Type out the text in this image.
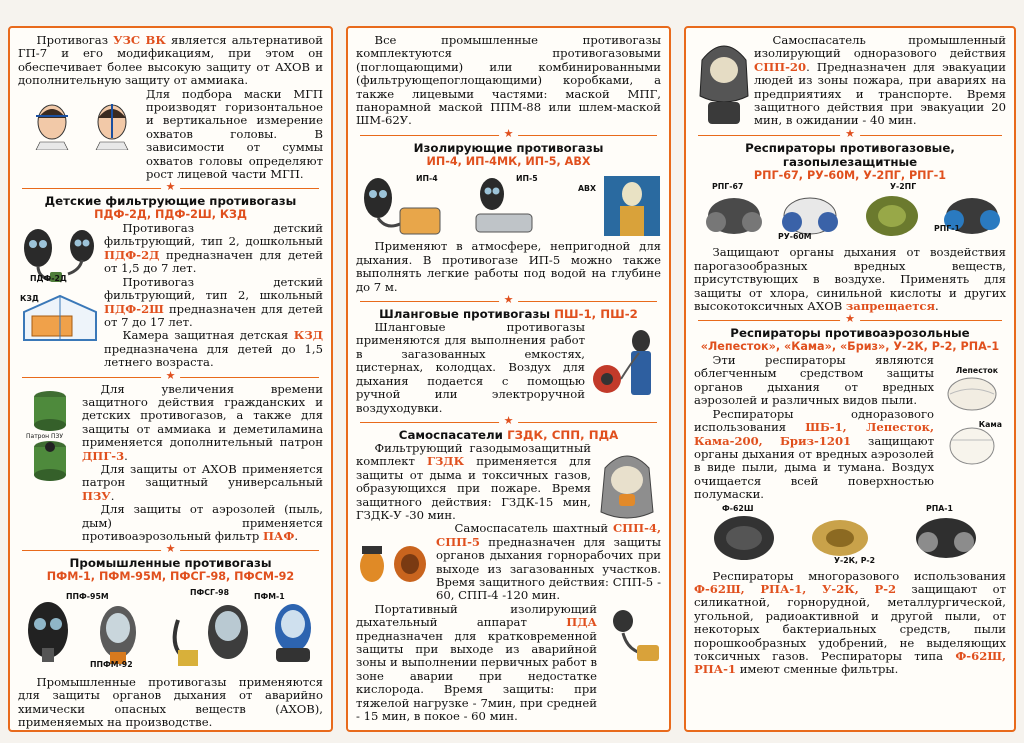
Противогаз УЗС ВК является альтернативой ГП-7 и его модификациям, при этом он обеспечивает более высокую защиту от АХОВ и дополнительную защиту от аммиака.

Для подбора маски МГП производят горизонтальное и вертикальное измерение охватов головы. В зависимости от суммы охватов головы определяют рост лицевой части МГП.

★
Детские фильтрующие противогазы
ПДФ-2Д, ПДФ-2Ш, КЗД
ПДФ-2Д
КЗД

Противогаз детский фильтрующий, тип 2, дошкольный ПДФ-2Д предназначен для детей от 1,5 до 7 лет.

Противогаз детский фильтрующий, тип 2, школьный ПДФ-2Ш предназначен для детей от 7 до 17 лет.

Камера защитная детская КЗД предназначена для детей до 1,5 летнего возраста.

★
Патрон ПЗУ

Для увеличения времени защитного действия гражданских и детских противогазов, а также для защиты от аммиака и деметиламина применяется дополнительный патрон ДПГ-3.

Для защиты от АХОВ применяется патрон защитный универсальный ПЗУ.

Для защиты от аэрозолей (пыль, дым) применяется противоаэрозольный фильтр ПАФ.

★
Промышленные противогазы
ПФМ-1, ПФМ-95М, ПФСГ-98, ПФСМ-92
ППФ-95М	ПФСГ-98	ПФМ-1
ППФМ-92

Промышленные противогазы применяются для защиты органов дыхания от аварийно химически опасных веществ (АХОВ), применяемых на производстве.

Все промышленные противогазы комплектуются противогазовыми (поглощающими) или комбинированными (фильтрующепоглощающими) коробками, а также лицевыми частями: маской МПГ, панорамной маской ППМ-88 или шлем-маской ШМ-62У.

★
Изолирующие противогазы
ИП-4, ИП-4МК, ИП-5, АВХ
ИП-4	ИП-5
АВХ

Применяют в атмосфере, непригодной для дыхания. В противогазе ИП-5 можно также выполнять легкие работы под водой на глубине до 7 м.

★
Шланговые противогазы ПШ-1, ПШ-2

Шланговые противогазы применяются для выполнения работ в загазованных емкостях, цистернах, колодцах. Воздух для дыхания подается с помощью ручной или электроручной воздуходувки.

★
Самоспасатели ГЗДК, СПП, ПДА

Фильтрующий газодымозащитный комплект ГЗДК применяется для защиты от дыма и токсичных газов, образующихся при пожаре. Время защитного действия: ГЗДК-15 мин, ГЗДК-У -30 мин.

Самоспасатель шахтный СПП-4, СПП-5 предназначен для защиты органов дыхания горнорабочих при выходе из загазованных участков. Время защитного действия: СПП-5 - 60, СПП-4 -120 мин.

Портативный изолирующий дыхательный аппарат	ПДА предназначен для кратковременной защиты при выходе из аварийной зоны и выполнении первичных работ в зоне аварии при недостатке кислорода. Время защиты: при тяжелой нагрузке - 7мин, при средней - 15 мин, в покое - 60 мин.

Самоспасатель промышленный изолирующий одноразового действия СПП-20. Предназначен для эвакуации людей из зоны пожара, при авариях на предприятиях и транспорте. Время защитного действия при эвакуации 20 мин, в ожидании - 40 мин.

★
Респираторы противогазовые, газопылезащитные
РПГ-67, РУ-60М, У-2ПГ, РПГ-1
РПГ-67
РУ-60М
У-2ПГ
РПГ-1

Защищают органы дыхания от воздействия парогазообразных вредных веществ, присутствующих в воздухе. Применять для защиты от хлора, синильной кислоты и других высокотоксичных АХОВ запрещается.

★
Респираторы противоаэрозольные
«Лепесток», «Кама», «Бриз», У-2К, Р-2, РПА-1
Лепесток
Кама

Эти респираторы являются облегченным средством защиты органов дыхания от вредных аэрозолей и различных видов пыли.

Респираторы одноразового использования ШБ-1, Лепесток, Кама-200, Бриз-1201 защищают органы дыхания от вредных аэрозолей в виде пыли, дыма и тумана. Воздух очищается всей поверхностью полумаски.

Ф-62Ш
У-2К, Р-2
РПА-1

Респираторы многоразового использования Ф-62Ш, РПА-1, У-2К, Р-2 защищают от силикатной, горнорудной, металлургической, угольной, радиоактивной и другой пыли, от некоторых бактериальных средств, пыли порошкообразных удобрений, не выделяющих токсичных газов. Респираторы типа Ф-62Ш, РПА-1 имеют сменные фильтры.
